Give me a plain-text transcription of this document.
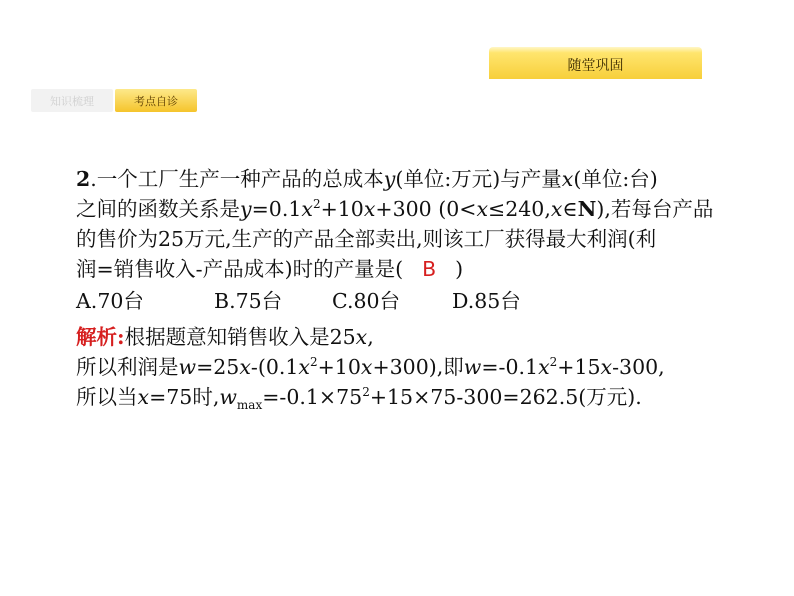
随堂巩固
知识梳理	考点自诊
2.一个工厂生产一种产品的总成本y(单位:万元)与产量x(单位:台)
之间的函数关系是$y=0.1x^2+10x+300$ (0<x≤240,x∈N),若每台产品
的售价为25万元,生产的产品全部卖出,则该工厂获得最大利润(利
润=销售收入-产品成本)时的产量是( B )
A.70台	B.75台 C.80台	D.85台
解析:根据题意知销售收入是25x,
所以利润是$w=25x-(0.1x^2+10x+300)$,即$w=-0.1x^2+15x-300$,
所以当x=75时$,w_{max}=-0.1\times 75^2+15\times 75-300=262.5$(万元).
